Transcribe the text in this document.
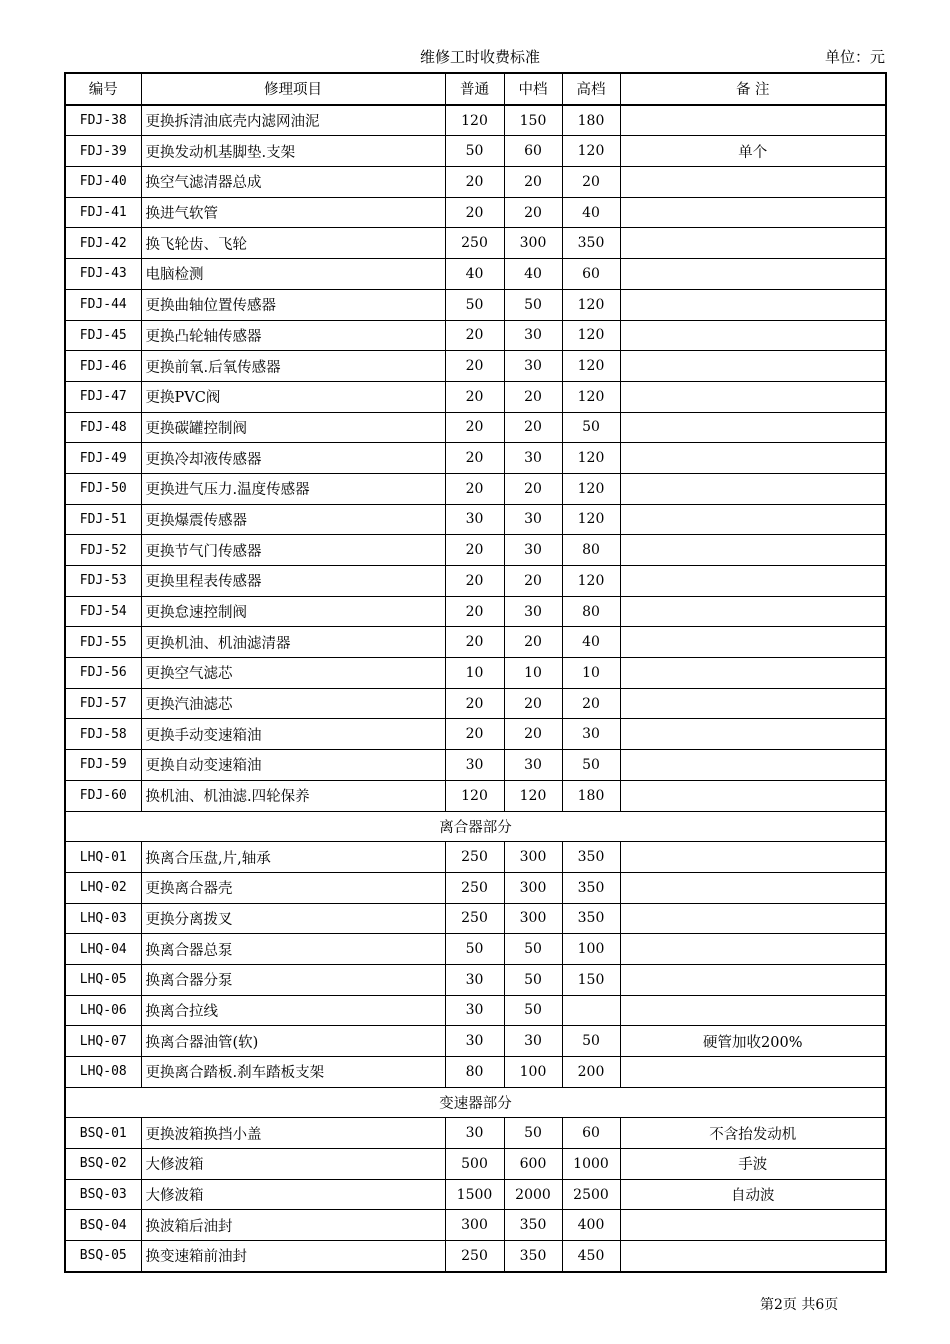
维修工时收费标准	单位：元
编号	修理项目	普通	中档	高档	备 注
FDJ-38	更换拆清油底壳内滤网油泥	120	150	180	
FDJ-39	更换发动机基脚垫.支架	50	60	120	单个
FDJ-40	换空气滤清器总成	20	20	20	
FDJ-41	换进气软管	20	20	40	
FDJ-42	换飞轮齿、飞轮	250	300	350	
FDJ-43	电脑检测	40	40	60	
FDJ-44	更换曲轴位置传感器	50	50	120	
FDJ-45	更换凸轮轴传感器	20	30	120	
FDJ-46	更换前氧.后氧传感器	20	30	120	
FDJ-47	更换PVC阀	20	20	120	
FDJ-48	更换碳罐控制阀	20	20	50	
FDJ-49	更换冷却液传感器	20	30	120	
FDJ-50	更换进气压力.温度传感器	20	20	120	
FDJ-51	更换爆震传感器	30	30	120	
FDJ-52	更换节气门传感器	20	30	80	
FDJ-53	更换里程表传感器	20	20	120	
FDJ-54	更换怠速控制阀	20	30	80	
FDJ-55	更换机油、机油滤清器	20	20	40	
FDJ-56	更换空气滤芯	10	10	10	
FDJ-57	更换汽油滤芯	20	20	20	
FDJ-58	更换手动变速箱油	20	20	30	
FDJ-59	更换自动变速箱油	30	30	50	
FDJ-60	换机油、机油滤.四轮保养	120	120	180	
离合器部分					
LHQ-01	换离合压盘,片,轴承	250	300	350	
LHQ-02	更换离合器壳	250	300	350	
LHQ-03	更换分离拨叉	250	300	350	
LHQ-04	换离合器总泵	50	50	100	
LHQ-05	换离合器分泵	30	50	150	
LHQ-06	换离合拉线	30	50		
LHQ-07	换离合器油管(软)	30	30	50	硬管加收200%
LHQ-08	更换离合踏板.刹车踏板支架	80	100	200	
变速器部分					
BSQ-01	更换波箱换挡小盖	30	50	60	不含抬发动机
BSQ-02	大修波箱	500	600	1000	手波
BSQ-03	大修波箱	1500	2000	2500	自动波
BSQ-04	换波箱后油封	300	350	400	
BSQ-05	换变速箱前油封	250	350	450	
第2页 共6页
